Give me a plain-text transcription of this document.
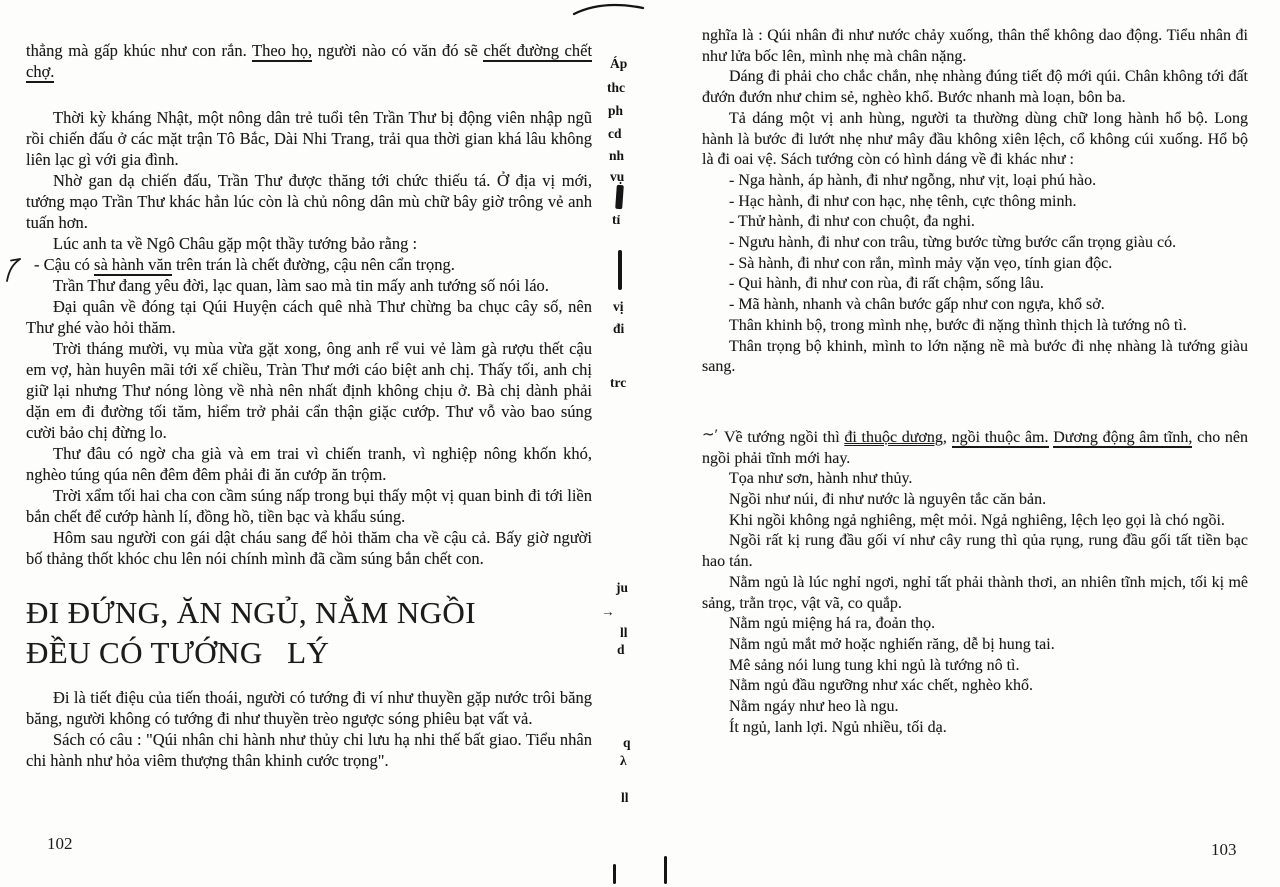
thẳng mà gấp khúc như con rắn. Theo họ, người nào có văn đó sẽ chết đường chết chợ.

Thời kỳ kháng Nhật, một nông dân trẻ tuổi tên Trần Thư bị động viên nhập ngũ rồi chiến đấu ở các mặt trận Tô Bắc, Dài Nhi Trang, trải qua thời gian khá lâu không liên lạc gì với gia đình.

Nhờ gan dạ chiến đấu, Trần Thư được thăng tới chức thiếu tá. Ở địa vị mới, tướng mạo Trần Thư khác hẳn lúc còn là chủ nông dân mù chữ bây giờ trông vẻ anh tuấn hơn.

Lúc anh ta về Ngô Châu gặp một thầy tướng bảo rằng :

- Cậu có sà hành văn trên trán là chết đường, cậu nên cẩn trọng.

Trần Thư đang yêu đời, lạc quan, làm sao mà tin mấy anh tướng số nói láo.

Đại quân về đóng tại Qúi Huyện cách quê nhà Thư chừng ba chục cây số, nên Thư ghé vào hỏi thăm.

Trời tháng mười, vụ mùa vừa gặt xong, ông anh rể vui vẻ làm gà rượu thết cậu em vợ, hàn huyên mãi tới xế chiều, Tràn Thư mới cáo biệt anh chị. Thấy tối, anh chị giữ lại nhưng Thư nóng lòng về nhà nên nhất định không chịu ở. Bà chị dành phải dặn em đi đường tối tăm, hiểm trở phải cẩn thận giặc cướp. Thư vỗ vào bao súng cười bảo chị đừng lo.

Thư đâu có ngờ cha già và em trai vì chiến tranh, vì nghiệp nông khốn khó, nghèo túng qúa nên đêm đêm phải đi ăn cướp ăn trộm.

Trời xẩm tối hai cha con cầm súng nấp trong bụi thấy một vị quan binh đi tới liền bắn chết để cướp hành lí, đồng hồ, tiền bạc và khẩu súng.

Hôm sau người con gái dật cháu sang để hỏi thăm cha về cậu cả. Bấy giờ người bố thảng thốt khóc chu lên nói chính mình đã cầm súng bắn chết con.

ĐI ĐỨNG, ĂN NGỦ, NẰM NGỒI
ĐỀU CÓ TƯỚNG   LÝ

Đi là tiết điệu của tiến thoái, người có tướng đi ví như thuyền gặp nước trôi băng băng, người không có tướng đi như thuyền trèo ngược sóng phiêu bạt vất vả.

Sách có câu : "Qúi nhân chi hành như thủy chi lưu hạ nhi thế bất giao. Tiểu nhân chi hành như hỏa viêm thượng thân khinh cước trọng".

nghĩa là : Qúi nhân đi như nước chảy xuống, thân thể không dao động. Tiểu nhân đi như lửa bốc lên, mình nhẹ mà chân nặng.

Dáng đi phải cho chắc chắn, nhẹ nhàng đúng tiết độ mới qúi. Chân không tới đất đướn đướn như chim sẻ, nghèo khổ. Bước nhanh mà loạn, bôn ba.

Tả dáng một vị anh hùng, người ta thường dùng chữ long hành hổ bộ. Long hành là bước đi lướt nhẹ như mây đầu không xiên lệch, cổ không cúi xuống. Hổ bộ là đi oai vệ. Sách tướng còn có hình dáng về đi khác như :

- Nga hành, áp hành, đi như ngỗng, như vịt, loại phú hào.

- Hạc hành, đi như con hạc, nhẹ tênh, cực thông minh.

- Thử hành, đi như con chuột, đa nghi.

- Ngưu hành, đi như con trâu, từng bước từng bước cẩn trọng giàu có.

- Sà hành, đi như con rắn, mình mảy vặn vẹo, tính gian độc.

- Qui hành, đi như con rùa, đi rất chậm, sống lâu.

- Mã hành, nhanh và chân bước gấp như con ngựa, khổ sở.

Thân khinh bộ, trong mình nhẹ, bước đi nặng thình thịch là tướng nô tì.

Thân trọng bộ khinh, mình to lớn nặng nề mà bước đi nhẹ nhàng là tướng giàu sang.

∼ʹ Về tướng ngồi thì đi thuộc dương, ngồi thuộc âm. Dương động âm tĩnh, cho nên ngồi phải tĩnh mới hay.

Tọa như sơn, hành như thủy.

Ngồi như núi, đi như nước là nguyên tắc căn bản.

Khi ngồi không ngả nghiêng, mệt mỏi. Ngả nghiêng, lệch lẹo gọi là chó ngồi.

Ngồi rất kị rung đầu gối ví như cây rung thì qủa rụng, rung đầu gối tất tiền bạc hao tán.

Nằm ngủ là lúc nghỉ ngơi, nghỉ tất phải thành thơi, an nhiên tĩnh mịch, tối kị mê sảng, trằn trọc, vật vã, co quắp.

Nằm ngủ miệng há ra, đoản thọ.

Nằm ngủ mắt mở hoặc nghiến răng, dễ bị hung tai.

Mê sảng nói lung tung khi ngủ là tướng nô tì.

Nằm ngủ đầu ngưỡng như xác chết, nghèo khổ.

Nằm ngáy như heo là ngu.

Ít ngủ, lanh lợi. Ngủ nhiều, tối dạ.

102	103
Áp
thc
ph
cd
nh
vụ
tỉ
vị
đi
trc
ju
→
ll
d
q
λ
ll
